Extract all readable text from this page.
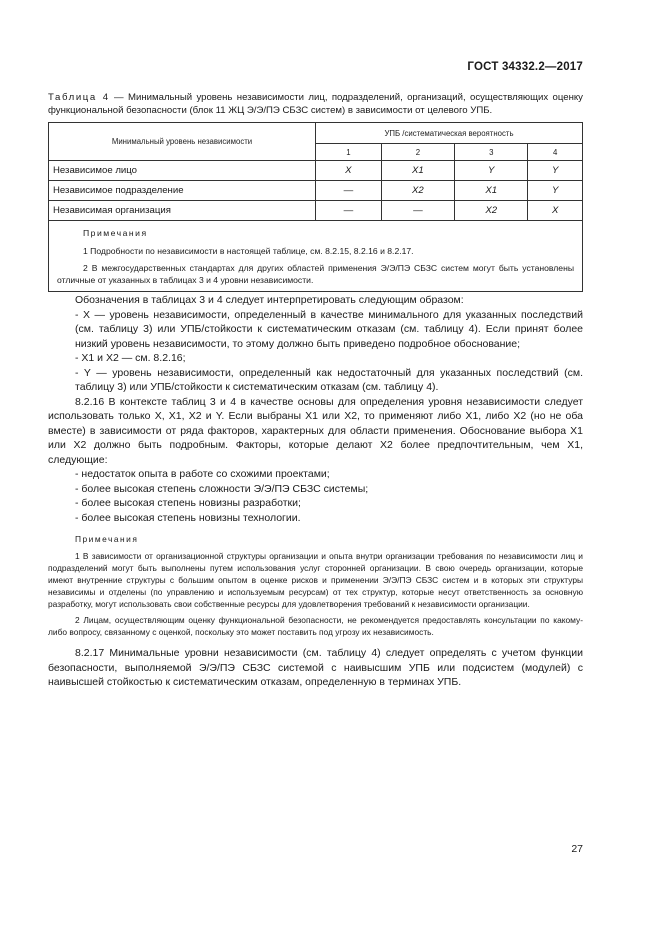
ГОСТ 34332.2—2017
Таблица 4 — Минимальный уровень независимости лиц, подразделений, организаций, осуществляющих оценку функциональной безопасности (блок 11 ЖЦ Э/Э/ПЭ СБЗС систем) в зависимости от целевого УПБ.
Минимальный уровень независимости	УПБ /систематическая вероятность			
	1	2	3	4
Независимое лицо	X	X1	Y	Y
Независимое подразделение	—	X2	X1	Y
Независимая организация	—	—	X2	X

Примечания
1 Подробности по независимости в настоящей таблице, см. 8.2.15, 8.2.16 и 8.2.17.
2 В межгосударственных стандартах для других областей применения Э/Э/ПЭ СБЗС систем могут быть установлены отличные от указанных в таблицах 3 и 4 уровни независимости.				

Обозначения в таблицах 3 и 4 следует интерпретировать следующим образом:

- X — уровень независимости, определенный в качестве минимального для указанных последствий (см. таблицу 3) или УПБ/стойкости к систематическим отказам (см. таблицу 4). Если принят более низкий уровень независимости, то этому должно быть приведено подробное обоснование;

- X1 и X2 — см. 8.2.16;

- Y — уровень независимости, определенный как недостаточный для указанных последствий (см. таблицу 3) или УПБ/стойкости к систематическим отказам (см. таблицу 4).

8.2.16 В контексте таблиц 3 и 4 в качестве основы для определения уровня независимости следует использовать только X, X1, X2 и Y. Если выбраны X1 или X2, то применяют либо X1, либо X2 (но не оба вместе) в зависимости от ряда факторов, характерных для области применения. Обоснование выбора X1 или X2 должно быть подробным. Факторы, которые делают X2 более предпочтительным, чем X1, следующие:

- недостаток опыта в работе со схожими проектами;

- более высокая степень сложности Э/Э/ПЭ СБЗС системы;

- более высокая степень новизны разработки;

- более высокая степень новизны технологии.

Примечания
1 В зависимости от организационной структуры организации и опыта внутри организации требования по независимости лиц и подразделений могут быть выполнены путем использования услуг сторонней организации. В свою очередь организации, которые имеют внутренние структуры с большим опытом в оценке рисков и применении Э/Э/ПЭ СБЗС систем и в которых эти структуры независимы и отделены (по управлению и используемым ресурсам) от тех структур, которые несут ответственность за основную разработку, могут использовать свои собственные ресурсы для удовлетворения требований к независимости организации.
2 Лицам, осуществляющим оценку функциональной безопасности, не рекомендуется предоставлять консультации по какому-либо вопросу, связанному с оценкой, поскольку это может поставить под угрозу их независимость.

8.2.17 Минимальные уровни независимости (см. таблицу 4) следует определять с учетом функции безопасности, выполняемой Э/Э/ПЭ СБЗС системой с наивысшим УПБ или подсистем (модулей) с наивысшей стойкостью к систематическим отказам, определенную в терминах УПБ.

27
